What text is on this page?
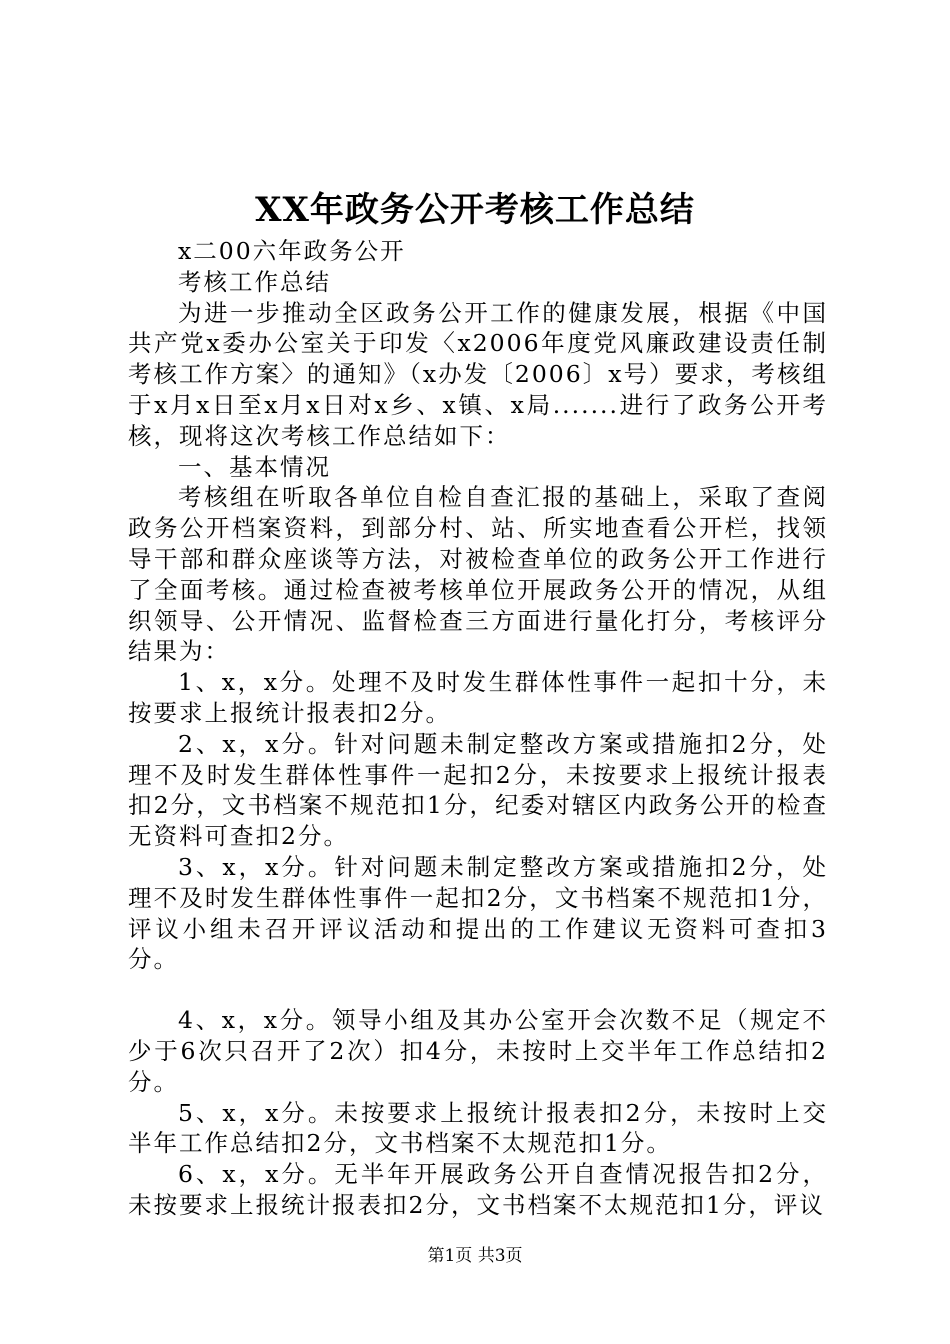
XX年政务公开考核工作总结

x二00六年政务公开

考核工作总结

为进一步推动全区政务公开工作的健康发展，根据《中国共产党x委办公室关于印发〈x2006年度党风廉政建设责任制考核工作方案〉的通知》（x办发〔2006〕x号）要求，考核组于x月x日至x月x日对x乡、x镇、x局.......进行了政务公开考核，现将这次考核工作总结如下：

一、基本情况

考核组在听取各单位自检自查汇报的基础上，采取了查阅政务公开档案资料，到部分村、站、所实地查看公开栏，找领导干部和群众座谈等方法，对被检查单位的政务公开工作进行了全面考核。通过检查被考核单位开展政务公开的情况，从组织领导、公开情况、监督检查三方面进行量化打分，考核评分结果为：

1、x，x分。处理不及时发生群体性事件一起扣十分，未按要求上报统计报表扣2分。

2、x，x分。针对问题未制定整改方案或措施扣2分，处理不及时发生群体性事件一起扣2分，未按要求上报统计报表扣2分，文书档案不规范扣1分，纪委对辖区内政务公开的检查无资料可查扣2分。

3、x，x分。针对问题未制定整改方案或措施扣2分，处理不及时发生群体性事件一起扣2分，文书档案不规范扣1分，评议小组未召开评议活动和提出的工作建议无资料可查扣3分。

4、x，x分。领导小组及其办公室开会次数不足（规定不少于6次只召开了2次）扣4分，未按时上交半年工作总结扣2分。

5、x，x分。未按要求上报统计报表扣2分，未按时上交半年工作总结扣2分，文书档案不太规范扣1分。

6、x，x分。无半年开展政务公开自查情况报告扣2分，未按要求上报统计报表扣2分，文书档案不太规范扣1分，评议

第1页 共3页
